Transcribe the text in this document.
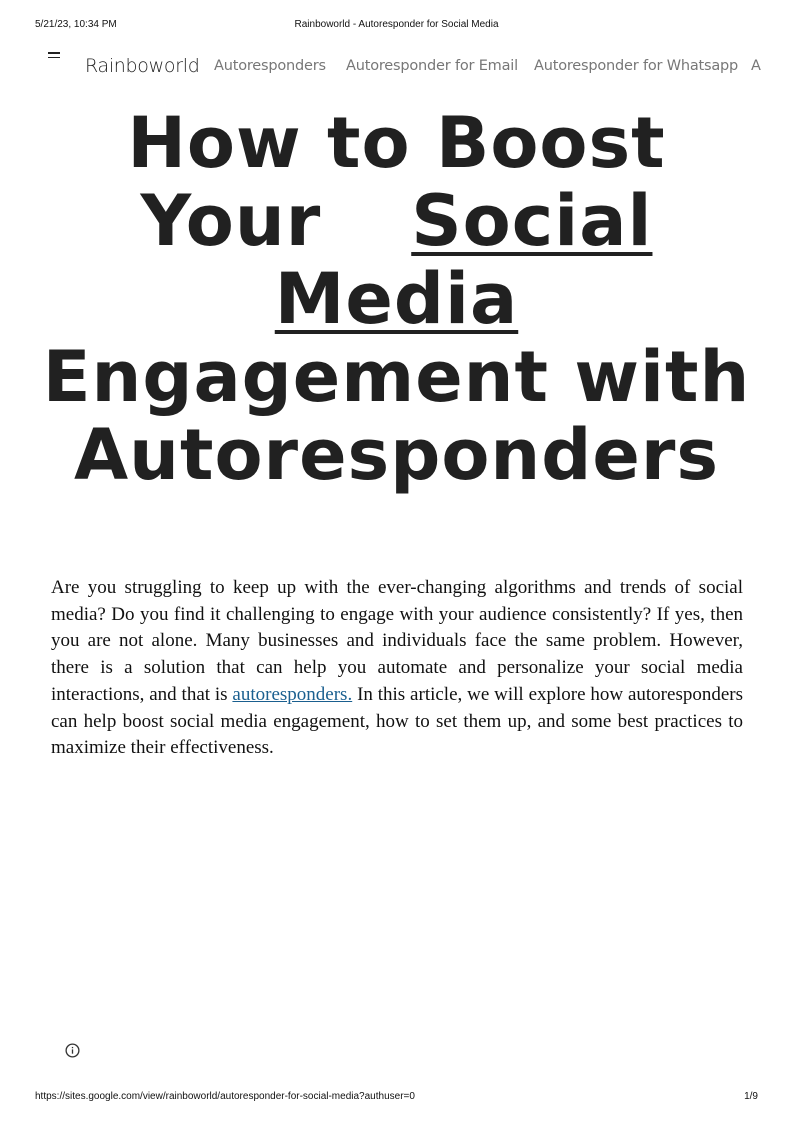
5/21/23, 10:34 PM	Rainboworld - Autoresponder for Social Media
Rainboworld Autoresponders Autoresponder for Email Autoresponder for Whatsapp A
How to Boost
Your Social
Media
Engagement with
Autoresponders

Are you struggling to keep up with the ever-changing algorithms and trends of social media? Do you find it challenging to engage with your audience consistently? If yes, then you are not alone. Many businesses and individuals face the same problem. However, there is a solution that can help you automate and personalize your social media interactions, and that is autoresponders. In this article, we will explore how autoresponders can help boost social media engagement, how to set them up, and some best practices to maximize their effectiveness.

https://sites.google.com/view/rainboworld/autoresponder-for-social-media?authuser=0	1/9
